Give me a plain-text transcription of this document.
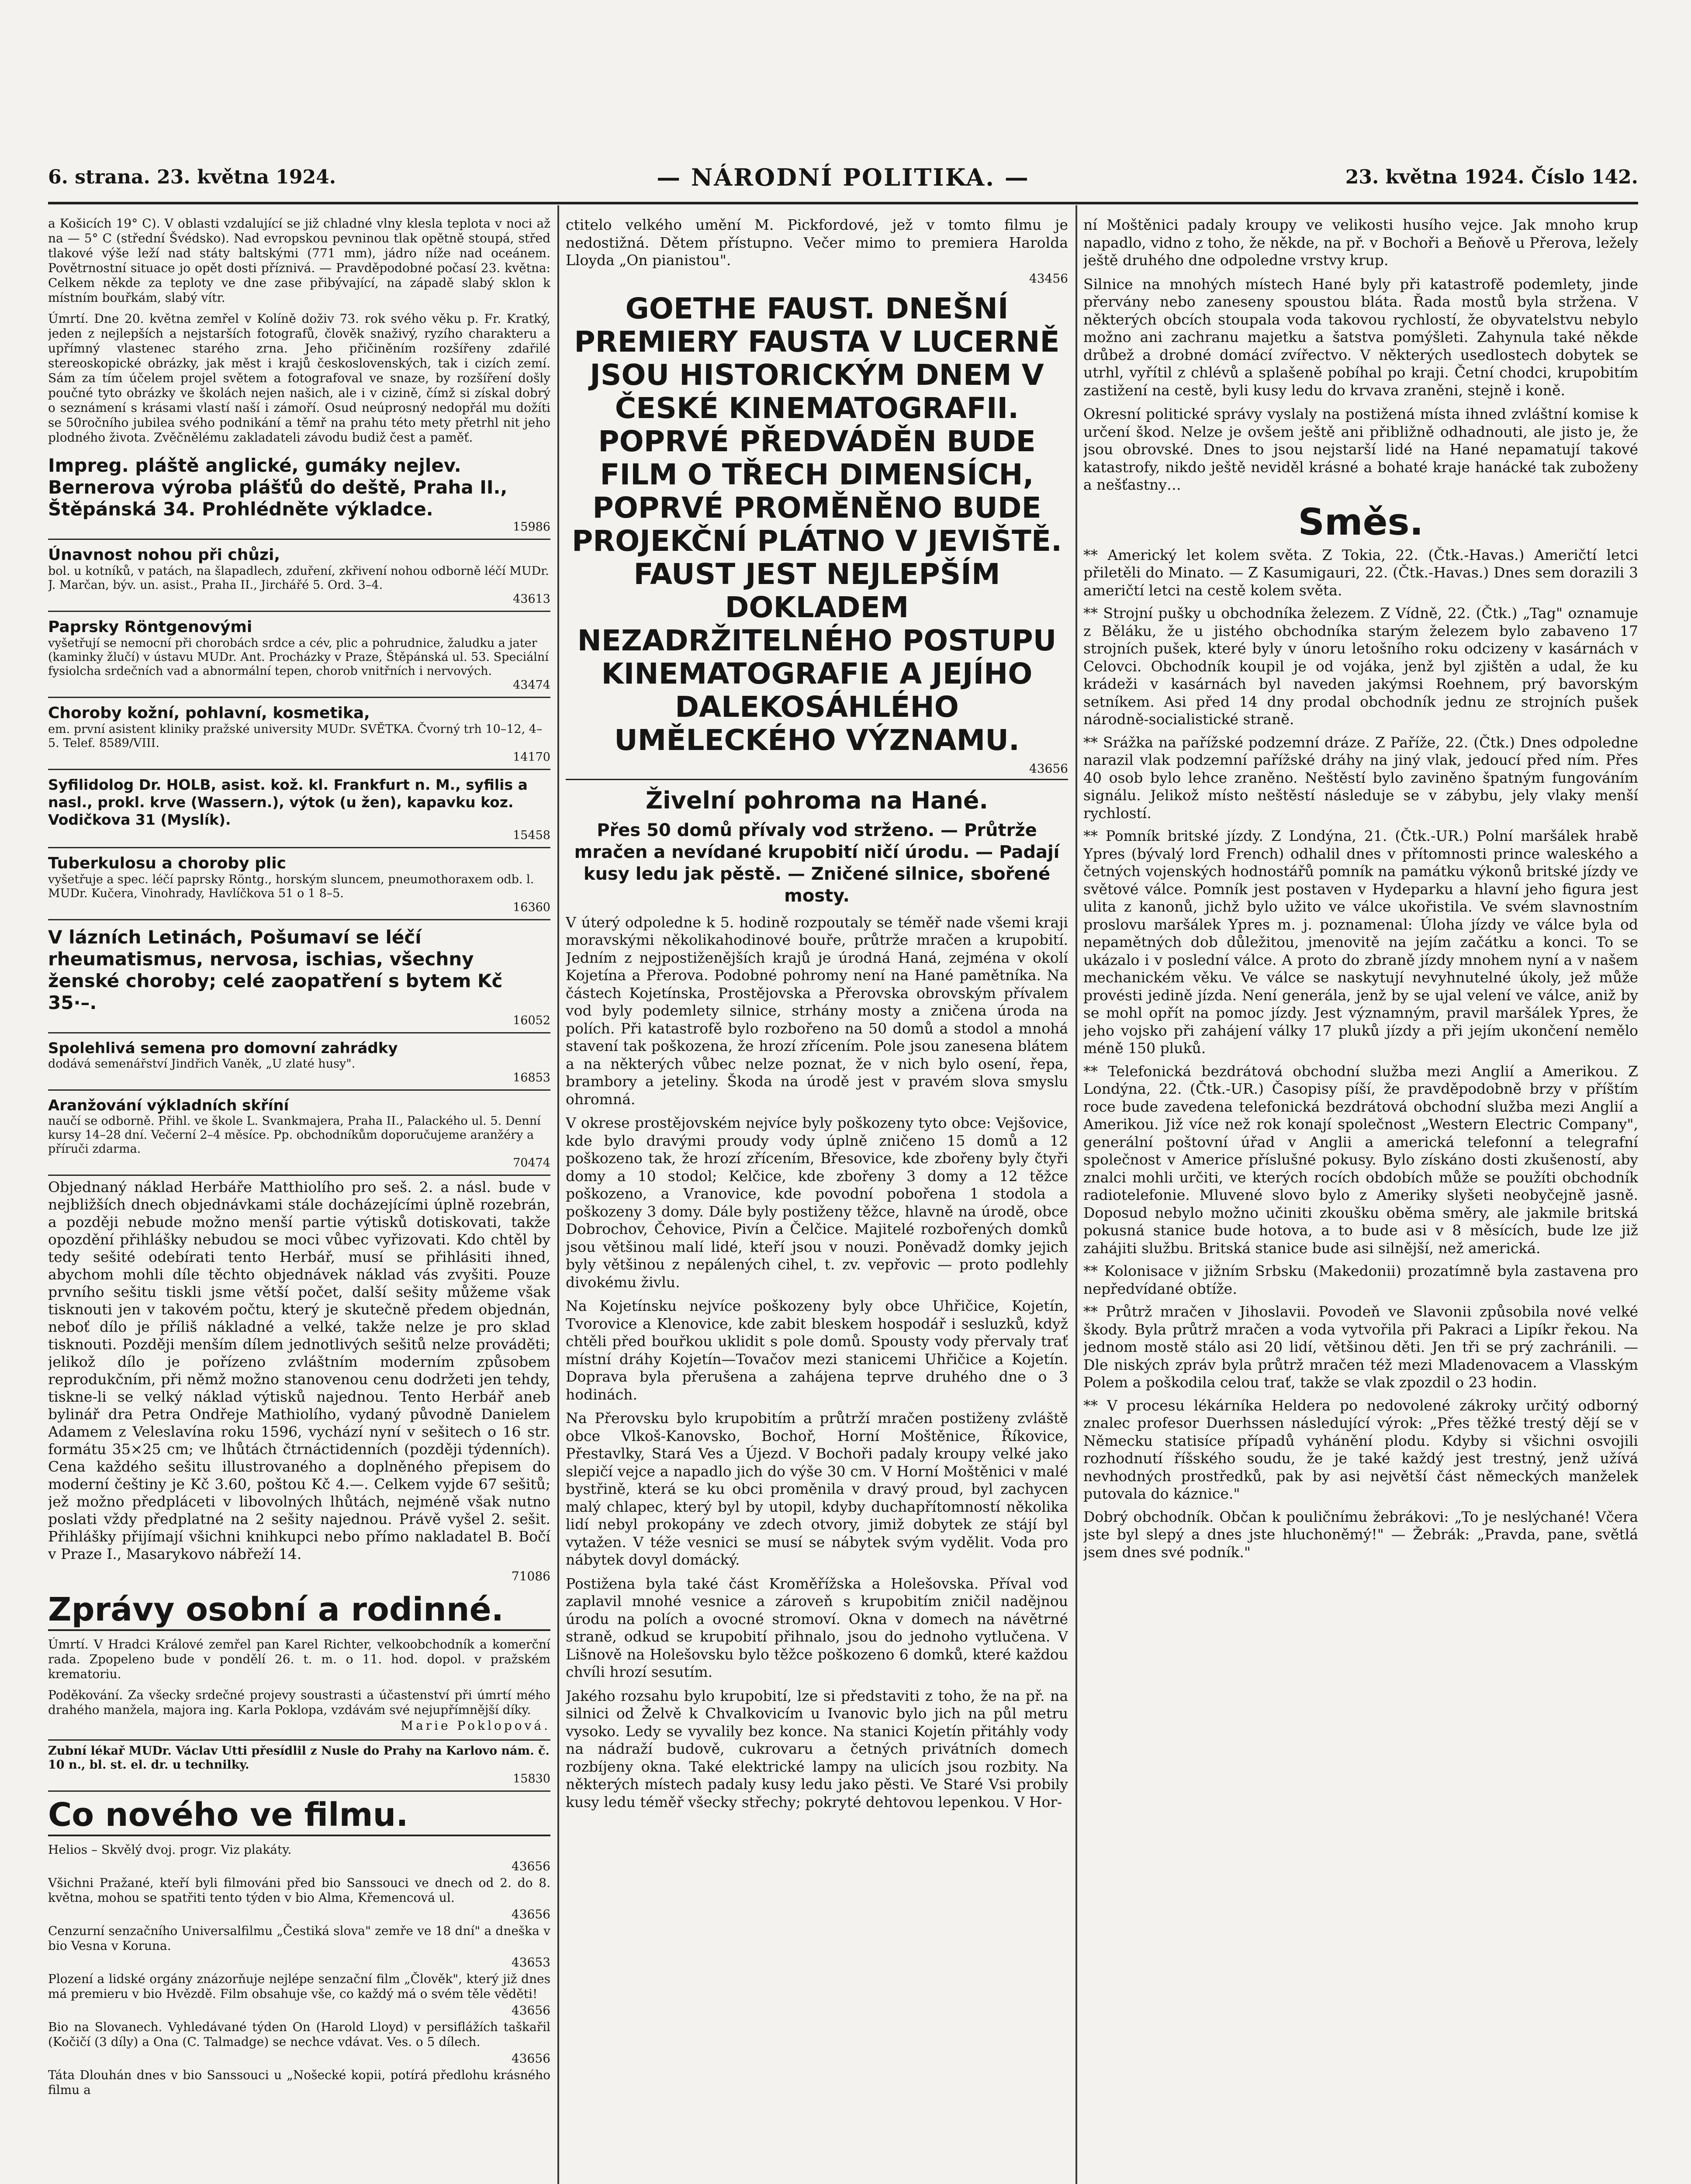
6. strana. 23. května 1924.	— NÁRODNÍ POLITIKA. —	23. května 1924. Číslo 142.

a Košicích 19° C). V oblasti vzdalující se již chladné vlny klesla teplota v noci až na — 5° C (střední Švédsko). Nad evropskou pevninou tlak opětně stoupá, střed tlakové výše leží nad státy baltskými (771 mm), jádro níže nad oceánem. Povětrnostní situace jo opět dosti příznivá. — Pravděpodobné počasí 23. května: Celkem někde za teploty ve dne zase přibývající, na západě slabý sklon k místním bouřkám, slabý vítr.

Úmrtí. Dne 20. května zemřel v Kolíně doživ 73. rok svého věku p. Fr. Kratký, jeden z nejlepších a nejstarších fotografů, člověk snaživý, ryzího charakteru a upřímný vlastenec starého zrna. Jeho přičiněním rozšířeny zdařilé stereoskopické obrázky, jak měst i krajů československých, tak i cizích zemí. Sám za tím účelem projel světem a fotografoval ve snaze, by rozšíření došly poučné tyto obrázky ve školách nejen našich, ale i v cizině, čímž si získal dobrý o seznámení s krásami vlastí naší i zámoří. Osud neúprosný nedopřál mu dožíti se 50ročního jubilea svého podnikání a těmř na prahu této mety přetrhl nit jeho plodného života. Zvěčnělému zakladateli závodu budiž čest a paměť.

Impreg. pláště anglické, gumáky nejlev. Bernerova výroba plášťů do deště, Praha II., Štěpánská 34. Prohlédněte výkladce.
15986
Únavnost nohou při chůzi,
bol. u kotníků, v patách, na šlapadlech, zduření, zkřivení nohou odborně léčí MUDr. J. Marčan, býv. un. asist., Praha II., Jirchářé 5. Ord. 3–4.
43613
Paprsky Röntgenovými
vyšetřují se nemocní při chorobách srdce a cév, plic a pohrudnice, žaludku a jater (kaminky žlučí) v ústavu MUDr. Ant. Procházky v Praze, Štěpánská ul. 53. Speciální fysiolcha srdečních vad a abnormální tepen, chorob vnitřních i nervových.
43474
Choroby kožní, pohlavní, kosmetika,
em. první asistent kliniky pražské university MUDr. SVĚTKA. Čvorný trh 10–12, 4–5. Telef. 8589/VIII.
14170
Syfilidolog Dr. HOLB, asist. kož. kl. Frankfurt n. M., syfilis a nasl., prokl. krve (Wassern.), výtok (u žen), kapavku koz. Vodičkova 31 (Myslík).
15458
Tuberkulosu a choroby plic
vyšetřuje a spec. léčí paprsky Röntg., horským sluncem, pneumothoraxem odb. l. MUDr. Kučera, Vinohrady, Havlíčkova 51 o 1 8–5.
16360
V lázních Letinách, Pošumaví se léčí rheumatismus, nervosa, ischias, všechny ženské choroby; celé zaopatření s bytem Kč 35·–.
16052
Spolehlivá semena pro domovní zahrádky
dodává semenářství Jindřich Vaněk, „U zlaté husy".
16853
Aranžování výkladních skříní
naučí se odborně. Přihl. ve škole L. Svankmajera, Praha II., Palackého ul. 5. Denní kursy 14–28 dní. Večerní 2–4 měsíce. Pp. obchodníkům doporučujeme aranžéry a příruči zdarma.
70474

Objednaný náklad Herbáře Matthiolího pro seš. 2. a násl. bude v nejbližších dnech objednávkami stále docházejícími úplně rozebrán, a později nebude možno menší partie výtisků dotiskovati, takže opozdění přihlášky nebudou se moci vůbec vyřizovati. Kdo chtěl by tedy sešité odebírati tento Herbář, musí se přihlásiti ihned, abychom mohli díle těchto objednávek náklad vás zvyšiti. Pouze prvního sešitu tiskli jsme větší počet, další sešity můžeme však tisknouti jen v takovém počtu, který je skutečně předem objednán, neboť dílo je příliš nákladné a velké, takže nelze je pro sklad tisknouti. Později menším dílem jednotlivých sešitů nelze prováděti; jelikož dílo je pořízeno zvláštním moderním způsobem reprodukčním, při němž možno stanovenou cenu dodržeti jen tehdy, tiskne-li se velký náklad výtisků najednou. Tento Herbář aneb bylinář dra Petra Ondřeje Mathiolího, vydaný původně Danielem Adamem z Veleslavína roku 1596, vychází nyní v sešitech o 16 str. formátu 35×25 cm; ve lhůtách čtrnáctidenních (později týdenních). Cena každého sešitu illustrovaného a doplněného přepisem do moderní češtiny je Kč 3.60, poštou Kč 4.—. Celkem vyjde 67 sešitů; jež možno předpláceti v libovolných lhůtách, nejméně však nutno poslati vždy předplatné na 2 sešity najednou. Právě vyšel 2. sešit. Přihlášky přijímají všichni knihkupci nebo přímo nakladatel B. Bočí v Praze I., Masarykovo nábřeží 14.

71086

Zprávy osobní a rodinné.

Úmrtí. V Hradci Králové zemřel pan Karel Richter, velkoobchodník a komerční rada. Zpopeleno bude v pondělí 26. t. m. o 11. hod. dopol. v pražském krematoriu.

Poděkování. Za všecky srdečné projevy soustrasti a účastenství při úmrtí mého drahého manžela, majora ing. Karla Poklopa, vzdávám své nejupřímnější díky.

Marie Poklopová.

Zubní lékař MUDr. Václav Utti přesídlil z Nusle do Prahy na Karlovo nám. č. 10 n., bl. st. el. dr. u technilky.
15830
Co nového ve filmu.

Helios – Skvělý dvoj. progr. Viz plakáty.

43656

Všichni Pražané, kteří byli filmováni před bio Sanssouci ve dnech od 2. do 8. května, mohou se spatřiti tento týden v bio Alma, Křemencová ul.

43656

Cenzurní senzačního Universalfilmu „Čestiká slova" zemře ve 18 dní" a dneška v bio Vesna v Koruna.

43653

Plození a lidské orgány znázorňuje nejlépe senzační film „Člověk", který již dnes má premieru v bio Hvězdě. Film obsahuje vše, co každý má o svém těle věděti!

43656

Bio na Slovanech. Vyhledávané týden On (Harold Lloyd) v persiflážích taškařil (Kočičí (3 díly) a Ona (C. Talmadge) se nechce vdávat. Ves. o 5 dílech.

43656

Táta Dlouhán dnes v bio Sanssouci u „Nošecké kopii, potírá předlohu krásného filmu a

ctitelo velkého umění M. Pickfordové, jež v tomto filmu je nedostižná. Dětem přístupno. Večer mimo to premiera Harolda Lloyda „On pianistou".

43456

GOETHE FAUST. DNEŠNÍ PREMIERY FAUSTA V LUCERNĚ JSOU HISTORICKÝM DNEM V ČESKÉ KINEMATOGRAFII. POPRVÉ PŘEDVÁDĚN BUDE FILM O TŘECH DIMENSÍCH, POPRVÉ PROMĚNĚNO BUDE PROJEKČNÍ PLÁTNO V JEVIŠTĚ. FAUST JEST NEJLEPŠÍM DOKLADEM NEZADRŽITELNÉHO POSTUPU KINEMATOGRAFIE A JEJÍHO DALEKOSÁHLÉHO UMĚLECKÉHO VÝZNAMU.

43656

Živelní pohroma na Hané.
Přes 50 domů přívaly vod strženo. — Průtrže mračen a nevídané krupobití ničí úrodu. — Padají kusy ledu jak pěstě. — Zničené silnice, sbořené mosty.

V úterý odpoledne k 5. hodině rozpoutaly se téměř nade všemi kraji moravskými několikahodinové bouře, průtrže mračen a krupobití. Jedním z nejpostiženějších krajů je úrodná Haná, zejména v okolí Kojetína a Přerova. Podobné pohromy není na Hané pamětníka. Na částech Kojetínska, Prostějovska a Přerovska obrovským přívalem vod byly podemlety silnice, strhány mosty a zničena úroda na polích. Při katastrofě bylo rozbořeno na 50 domů a stodol a mnohá stavení tak poškozena, že hrozí zřícením. Pole jsou zanesena blátem a na některých vůbec nelze poznat, že v nich bylo osení, řepa, brambory a jeteliny. Škoda na úrodě jest v pravém slova smyslu ohromná.

V okrese prostějovském nejvíce byly poškozeny tyto obce: Vejšovice, kde bylo dravými proudy vody úplně zničeno 15 domů a 12 poškozeno tak, že hrozí zřícením, Břesovice, kde zbořeny byly čtyři domy a 10 stodol; Kelčice, kde zbořeny 3 domy a 12 těžce poškozeno, a Vranovice, kde povodní pobořena 1 stodola a poškozeny 3 domy. Dále byly postiženy těžce, hlavně na úrodě, obce Dobrochov, Čehovice, Pivín a Čelčice. Majitelé rozbořených domků jsou většinou malí lidé, kteří jsou v nouzi. Poněvadž domky jejich byly většinou z nepálených cihel, t. zv. vepřovic — proto podlehly divokému živlu.

Na Kojetínsku nejvíce poškozeny byly obce Uhřičice, Kojetín, Tvorovice a Klenovice, kde zabit bleskem hospodář i sesluzků, když chtěli před bouřkou uklidit s pole domů. Spousty vody přervaly trať místní dráhy Kojetín—Tovačov mezi stanicemi Uhřičice a Kojetín. Doprava byla přerušena a zahájena teprve druhého dne o 3 hodinách.

Na Přerovsku bylo krupobitím a průtrží mračen postiženy zvláště obce Vlkoš-Kanovsko, Bochoř, Horní Moštěnice, Říkovice, Přestavlky, Stará Ves a Újezd. V Bochoři padaly kroupy velké jako slepičí vejce a napadlo jich do výše 30 cm. V Horní Moštěnici v malé bystřině, která se ku obci proměnila v dravý proud, byl zachycen malý chlapec, který byl by utopil, kdyby duchapřítomností několika lidí nebyl prokopány ve zdech otvory, jimiž dobytek ze stájí byl vytažen. V téže vesnici se musí se nábytek svým vydělit. Voda pro nábytek dovyl domácký.

Postižena byla také část Kroměřížska a Holešovska. Příval vod zaplavil mnohé vesnice a zároveň s krupobitím zničil nadějnou úrodu na polích a ovocné stromoví. Okna v domech na návětrné straně, odkud se krupobití přihnalo, jsou do jednoho vytlučena. V Lišnově na Holešovsku bylo těžce poškozeno 6 domků, které každou chvíli hrozí sesutím.

Jakého rozsahu bylo krupobití, lze si představiti z toho, že na př. na silnici od Želvě k Chvalkovicím u Ivanovic bylo jich na půl metru vysoko. Ledy se vyvalily bez konce. Na stanici Kojetín přitáhly vody na nádraží budově, cukrovaru a četných privátních domech rozbíjeny okna. Také elektrické lampy na ulicích jsou rozbity. Na některých místech padaly kusy ledu jako pěsti. Ve Staré Vsi probily kusy ledu téměř všecky střechy; pokryté dehtovou lepenkou. V Hor-

ní Moštěnici padaly kroupy ve velikosti husího vejce. Jak mnoho krup napadlo, vidno z toho, že někde, na př. v Bochoři a Beňově u Přerova, ležely ještě druhého dne odpoledne vrstvy krup.

Silnice na mnohých místech Hané byly při katastrofě podemlety, jinde přervány nebo zaneseny spoustou bláta. Řada mostů byla stržena. V některých obcích stoupala voda takovou rychlostí, že obyvatelstvu nebylo možno ani zachranu majetku a šatstva pomýšleti. Zahynula také někde drůbež a drobné domácí zvířectvo. V některých usedlostech dobytek se utrhl, vyřítil z chlévů a splašeně pobíhal po kraji. Četní chodci, krupobitím zastižení na cestě, byli kusy ledu do krvava zraněni, stejně i koně.

Okresní politické správy vyslaly na postižená místa ihned zvláštní komise k určení škod. Nelze je ovšem ještě ani přibližně odhadnouti, ale jisto je, že jsou obrovské. Dnes to jsou nejstarší lidé na Hané nepamatují takové katastrofy, nikdo ještě neviděl krásné a bohaté kraje hanácké tak zuboženy a nešťastny…

Směs.

** Americký let kolem světa. Z Tokia, 22. (Čtk.-Havas.) Američtí letci přiletěli do Minato. — Z Kasumigauri, 22. (Čtk.-Havas.) Dnes sem dorazili 3 američtí letci na cestě kolem světa.

** Strojní pušky u obchodníka železem. Z Vídně, 22. (Čtk.) „Tag" oznamuje z Běláku, že u jistého obchodníka starým železem bylo zabaveno 17 strojních pušek, které byly v únoru letošního roku odcizeny v kasárnách v Celovci. Obchodník koupil je od vojáka, jenž byl zjištěn a udal, že ku krádeži v kasárnách byl naveden jakýmsi Roehnem, prý bavorským setníkem. Asi před 14 dny prodal obchodník jednu ze strojních pušek národně-socialistické straně.

** Srážka na pařížské podzemní dráze. Z Paříže, 22. (Čtk.) Dnes odpoledne narazil vlak podzemní pařížské dráhy na jiný vlak, jedoucí před ním. Přes 40 osob bylo lehce zraněno. Neštěstí bylo zaviněno špatným fungováním signálu. Jelikož místo neštěstí následuje se v zábybu, jely vlaky menší rychlostí.

** Pomník britské jízdy. Z Londýna, 21. (Čtk.-UR.) Polní maršálek hrabě Ypres (bývalý lord French) odhalil dnes v přítomnosti prince waleského a četných vojenských hodnostářů pomník na památku výkonů britské jízdy ve světové válce. Pomník jest postaven v Hydeparku a hlavní jeho figura jest ulita z kanonů, jichž bylo užito ve válce ukořistila. Ve svém slavnostním proslovu maršálek Ypres m. j. poznamenal: Úloha jízdy ve válce byla od nepamětných dob důležitou, jmenovitě na jejím začátku a konci. To se ukázalo i v poslední válce. A proto do zbraně jízdy mnohem nyní a v našem mechanickém věku. Ve válce se naskytují nevyhnutelné úkoly, jež může provésti jedině jízda. Není generála, jenž by se ujal velení ve válce, aniž by se mohl opřít na pomoc jízdy. Jest významným, pravil maršálek Ypres, že jeho vojsko při zahájení války 17 pluků jízdy a při jejím ukončení nemělo méně 150 pluků.

** Telefonická bezdrátová obchodní služba mezi Anglií a Amerikou. Z Londýna, 22. (Čtk.-UR.) Časopisy píší, že pravděpodobně brzy v příštím roce bude zavedena telefonická bezdrátová obchodní služba mezi Anglií a Amerikou. Již více než rok konají společnost „Western Electric Company", generální poštovní úřad v Anglii a americká telefonní a telegrafní společnost v Americe příslušné pokusy. Bylo získáno dosti zkušeností, aby znalci mohli určiti, ve kterých rocích obdobích může se použíti obchodník radiotelefonie. Mluvené slovo bylo z Ameriky slyšeti neobyčejně jasně. Doposud nebylo možno učiniti zkoušku oběma směry, ale jakmile britská pokusná stanice bude hotova, a to bude asi v 8 měsících, bude lze již zahájiti službu. Britská stanice bude asi silnější, než americká.

** Kolonisace v jižním Srbsku (Makedonii) prozatímně byla zastavena pro nepředvídané obtíže.

** Průtrž mračen v Jihoslavii. Povodeň ve Slavonii způsobila nové velké škody. Byla průtrž mračen a voda vytvořila při Pakraci a Lipíkr řekou. Na jednom mostě stálo asi 20 lidí, většinou děti. Jen tři se prý zachránili. — Dle niských zpráv byla průtrž mračen též mezi Mladenovacem a Vlasským Polem a poškodila celou trať, takže se vlak zpozdil o 23 hodin.

** V procesu lékárníka Heldera po nedovolené zákroky určitý odborný znalec profesor Duerhssen následující výrok: „Přes těžké trestý dějí se v Německu statisíce případů vyhánění plodu. Kdyby si všichni osvojili rozhodnutí říšského soudu, že je také každý jest trestný, jenž užívá nevhodných prostředků, pak by asi největší část německých manželek putovala do káznice."

Dobrý obchodník. Občan k pouličnímu žebrákovi: „To je neslýchané! Včera jste byl slepý a dnes jste hluchoněmý!" — Žebrák: „Pravda, pane, světlá jsem dnes své podník."
